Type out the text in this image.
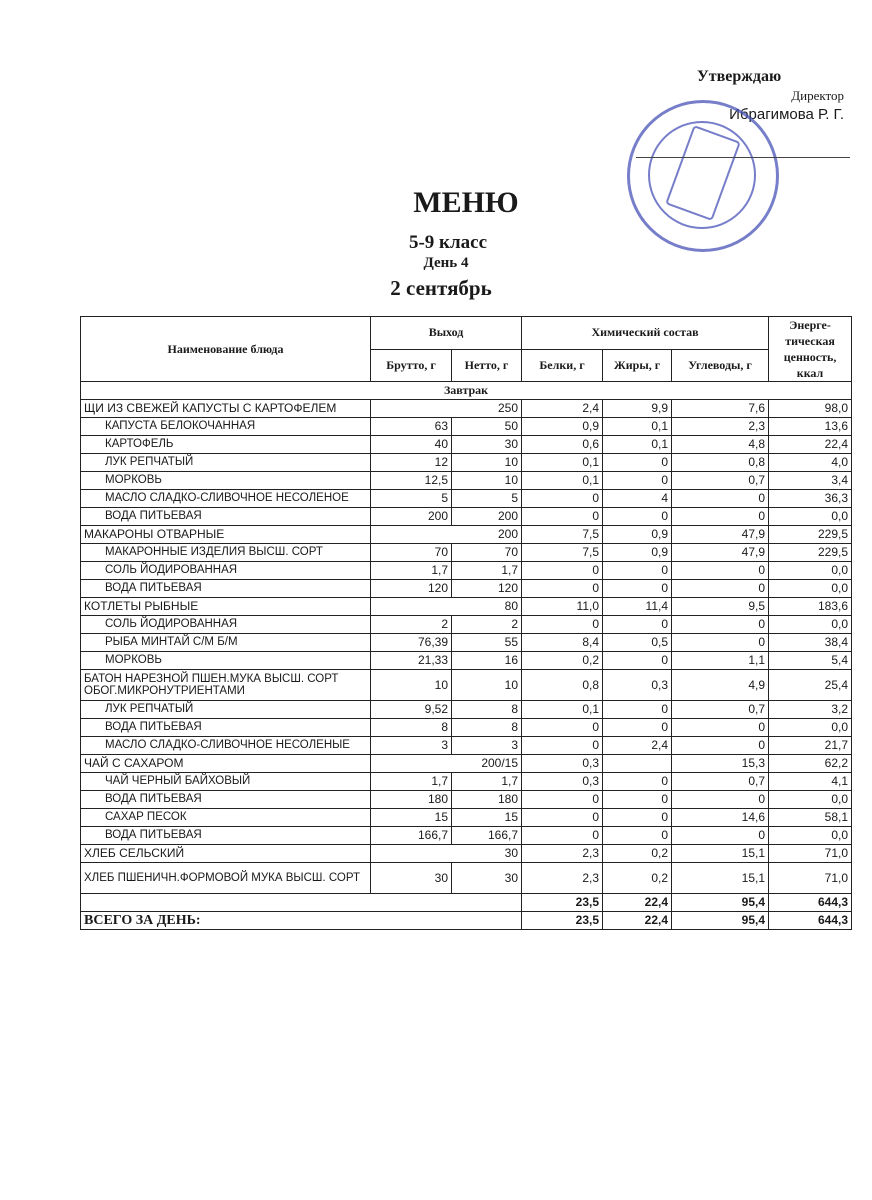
Утверждаю
Директор
Ибрагимова Р. Г.
МЕНЮ
5-9 класс
День 4
2 сентябрь
Наименование блюда	Выход		Химический состав			Энерге-тическая ценность, ккал
	Брутто, г	Нетто, г	Белки, г	Жиры, г	Углеводы, г	
Завтрак						
ЩИ ИЗ СВЕЖЕЙ КАПУСТЫ С КАРТОФЕЛЕМ	250		2,4	9,9	7,6	98,0
КАПУСТА БЕЛОКОЧАННАЯ	63	50	0,9	0,1	2,3	13,6
КАРТОФЕЛЬ	40	30	0,6	0,1	4,8	22,4
ЛУК РЕПЧАТЫЙ	12	10	0,1	0	0,8	4,0
МОРКОВЬ	12,5	10	0,1	0	0,7	3,4
МАСЛО СЛАДКО-СЛИВОЧНОЕ НЕСОЛЕНОЕ	5	5	0	4	0	36,3
ВОДА ПИТЬЕВАЯ	200	200	0	0	0	0,0
МАКАРОНЫ ОТВАРНЫЕ	200		7,5	0,9	47,9	229,5
МАКАРОННЫЕ ИЗДЕЛИЯ ВЫСШ. СОРТ	70	70	7,5	0,9	47,9	229,5
СОЛЬ ЙОДИРОВАННАЯ	1,7	1,7	0	0	0	0,0
ВОДА ПИТЬЕВАЯ	120	120	0	0	0	0,0
КОТЛЕТЫ РЫБНЫЕ	80		11,0	11,4	9,5	183,6
СОЛЬ ЙОДИРОВАННАЯ	2	2	0	0	0	0,0
РЫБА МИНТАЙ С/М Б/М	76,39	55	8,4	0,5	0	38,4
МОРКОВЬ	21,33	16	0,2	0	1,1	5,4
БАТОН НАРЕЗНОЙ ПШЕН.МУКА ВЫСШ. СОРТ ОБОГ.МИКРОНУТРИЕНТАМИ	10	10	0,8	0,3	4,9	25,4
ЛУК РЕПЧАТЫЙ	9,52	8	0,1	0	0,7	3,2
ВОДА ПИТЬЕВАЯ	8	8	0	0	0	0,0
МАСЛО СЛАДКО-СЛИВОЧНОЕ НЕСОЛЕНЫЕ	3	3	0	2,4	0	21,7
ЧАЙ С САХАРОМ	200/15		0,3		15,3	62,2
ЧАЙ ЧЕРНЫЙ БАЙХОВЫЙ	1,7	1,7	0,3	0	0,7	4,1
ВОДА ПИТЬЕВАЯ	180	180	0	0	0	0,0
САХАР ПЕСОК	15	15	0	0	14,6	58,1
ВОДА ПИТЬЕВАЯ	166,7	166,7	0	0	0	0,0
ХЛЕБ СЕЛЬСКИЙ	30		2,3	0,2	15,1	71,0
ХЛЕБ ПШЕНИЧН.ФОРМОВОЙ МУКА ВЫСШ. СОРТ	30	30	2,3	0,2	15,1	71,0
			23,5	22,4	95,4	644,3
ВСЕГО ЗА ДЕНЬ:			23,5	22,4	95,4	644,3
